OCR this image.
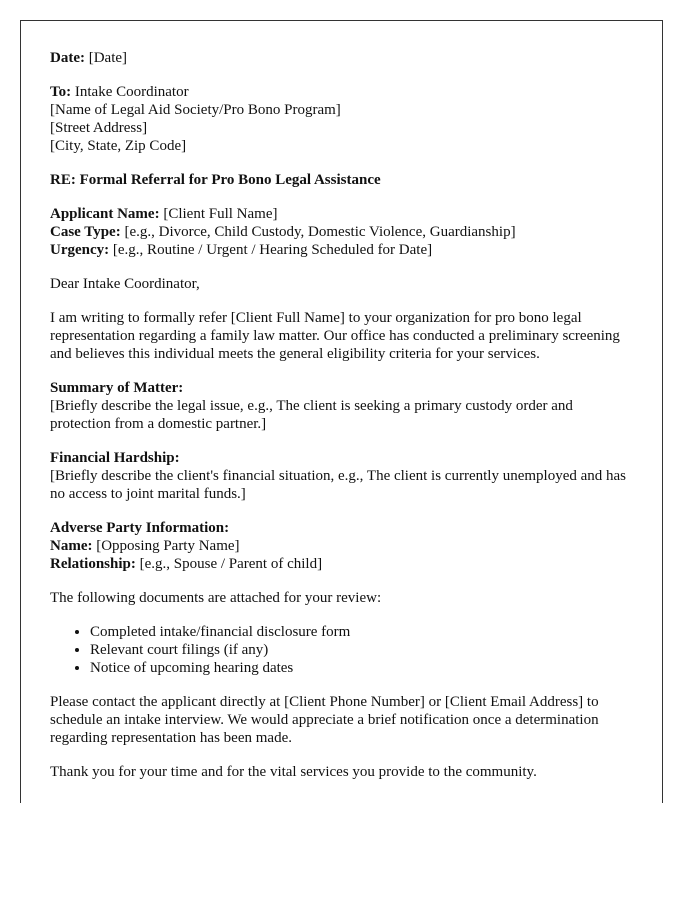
Date: [Date]

To: Intake Coordinator
[Name of Legal Aid Society/Pro Bono Program]
[Street Address]
[City, State, Zip Code]

RE: Formal Referral for Pro Bono Legal Assistance

Applicant Name: [Client Full Name]
Case Type: [e.g., Divorce, Child Custody, Domestic Violence, Guardianship]
Urgency: [e.g., Routine / Urgent / Hearing Scheduled for Date]

Dear Intake Coordinator,

I am writing to formally refer [Client Full Name] to your organization for pro bono legal representation regarding a family law matter. Our office has conducted a preliminary screening and believes this individual meets the general eligibility criteria for your services.

Summary of Matter:
[Briefly describe the legal issue, e.g., The client is seeking a primary custody order and protection from a domestic partner.]

Financial Hardship:
[Briefly describe the client's financial situation, e.g., The client is currently unemployed and has no access to joint marital funds.]

Adverse Party Information:
Name: [Opposing Party Name]
Relationship: [e.g., Spouse / Parent of child]

The following documents are attached for your review:

• Completed intake/financial disclosure form
• Relevant court filings (if any)
• Notice of upcoming hearing dates

Please contact the applicant directly at [Client Phone Number] or [Client Email Address] to schedule an intake interview. We would appreciate a brief notification once a determination regarding representation has been made.

Thank you for your time and for the vital services you provide to the community.
